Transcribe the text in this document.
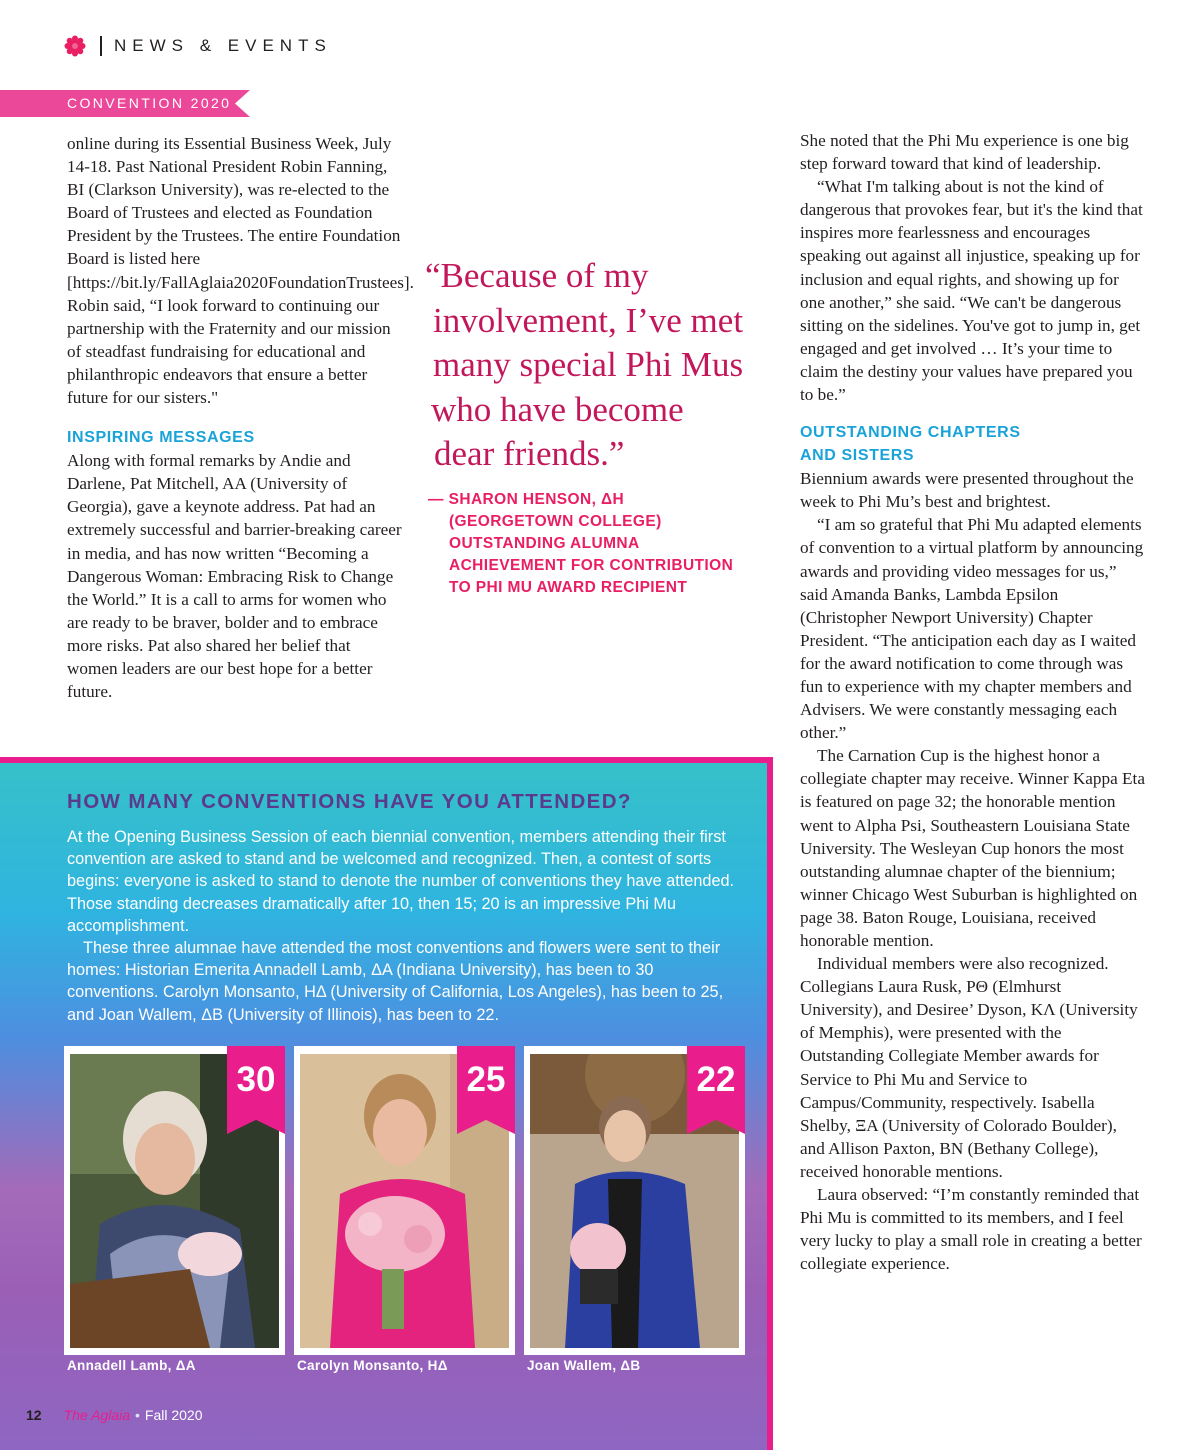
NEWS & EVENTS
CONVENTION 2020

online during its Essential Business Week, July 14-18. Past National President Robin Fanning, BI (Clarkson University), was re-elected to the Board of Trustees and elected as Foundation President by the Trustees. The entire Foundation Board is listed here [https://bit.ly/FallAglaia2020FoundationTrustees]. Robin said, “I look forward to continuing our partnership with the Fraternity and our mission of steadfast fundraising for educational and philanthropic endeavors that ensure a better future for our sisters."

INSPIRING MESSAGES

Along with formal remarks by Andie and Darlene, Pat Mitchell, AA (University of Georgia), gave a keynote address. Pat had an extremely successful and barrier-breaking career in media, and has now written “Becoming a Dangerous Woman: Embracing Risk to Change the World.” It is a call to arms for women who are ready to be braver, bolder and to embrace more risks. Pat also shared her belief that women leaders are our best hope for a better future.

“Because of my
involvement, I’ve met
many special Phi Mus
who have become
dear friends.”
— SHARON HENSON, ΔH
(GEORGETOWN COLLEGE)
OUTSTANDING ALUMNA
ACHIEVEMENT FOR CONTRIBUTION
TO PHI MU AWARD RECIPIENT

She noted that the Phi Mu experience is one big step forward toward that kind of leadership.

“What I'm talking about is not the kind of dangerous that provokes fear, but it's the kind that inspires more fearlessness and encourages speaking out against all injustice, speaking up for inclusion and equal rights, and showing up for one another,” she said. “We can't be dangerous sitting on the sidelines. You've got to jump in, get engaged and get involved … It’s your time to claim the destiny your values have prepared you to be.”

OUTSTANDING CHAPTERS
AND SISTERS

Biennium awards were presented throughout the week to Phi Mu’s best and brightest.

“I am so grateful that Phi Mu adapted elements of convention to a virtual platform by announcing awards and providing video messages for us,” said Amanda Banks, Lambda Epsilon (Christopher Newport University) Chapter President. “The anticipation each day as I waited for the award notification to come through was fun to experience with my chapter members and Advisers. We were constantly messaging each other.”

The Carnation Cup is the highest honor a collegiate chapter may receive. Winner Kappa Eta is featured on page 32; the honorable mention went to Alpha Psi, Southeastern Louisiana State University. The Wesleyan Cup honors the most outstanding alumnae chapter of the biennium; winner Chicago West Suburban is highlighted on page 38. Baton Rouge, Louisiana, received honorable mention.

Individual members were also recognized. Collegians Laura Rusk, ΡΘ (Elmhurst University), and Desiree’ Dyson, ΚΛ (University of Memphis), were presented with the Outstanding Collegiate Member awards for Service to Phi Mu and Service to Campus/Community, respectively. Isabella Shelby, ΞΑ (University of Colorado Boulder), and Allison Paxton, BN (Bethany College), received honorable mentions.

Laura observed: “I’m constantly reminded that Phi Mu is committed to its members, and I feel very lucky to play a small role in creating a better collegiate experience.

HOW MANY CONVENTIONS HAVE YOU ATTENDED?

At the Opening Business Session of each biennial convention, members attending their first convention are asked to stand and be welcomed and recognized. Then, a contest of sorts begins: everyone is asked to stand to denote the number of conventions they have attended. Those standing decreases dramatically after 10, then 15; 20 is an impressive Phi Mu accomplishment.

These three alumnae have attended the most conventions and flowers were sent to their homes: Historian Emerita Annadell Lamb, ΔA (Indiana University), has been to 30 conventions. Carolyn Monsanto, HΔ (University of California, Los Angeles), has been to 25, and Joan Wallem, ΔB (University of Illinois), has been to 22.

30
Annadell Lamb, ΔA
25
Carolyn Monsanto, HΔ
22
Joan Wallem, ΔB
12 The Aglaia • Fall 2020
